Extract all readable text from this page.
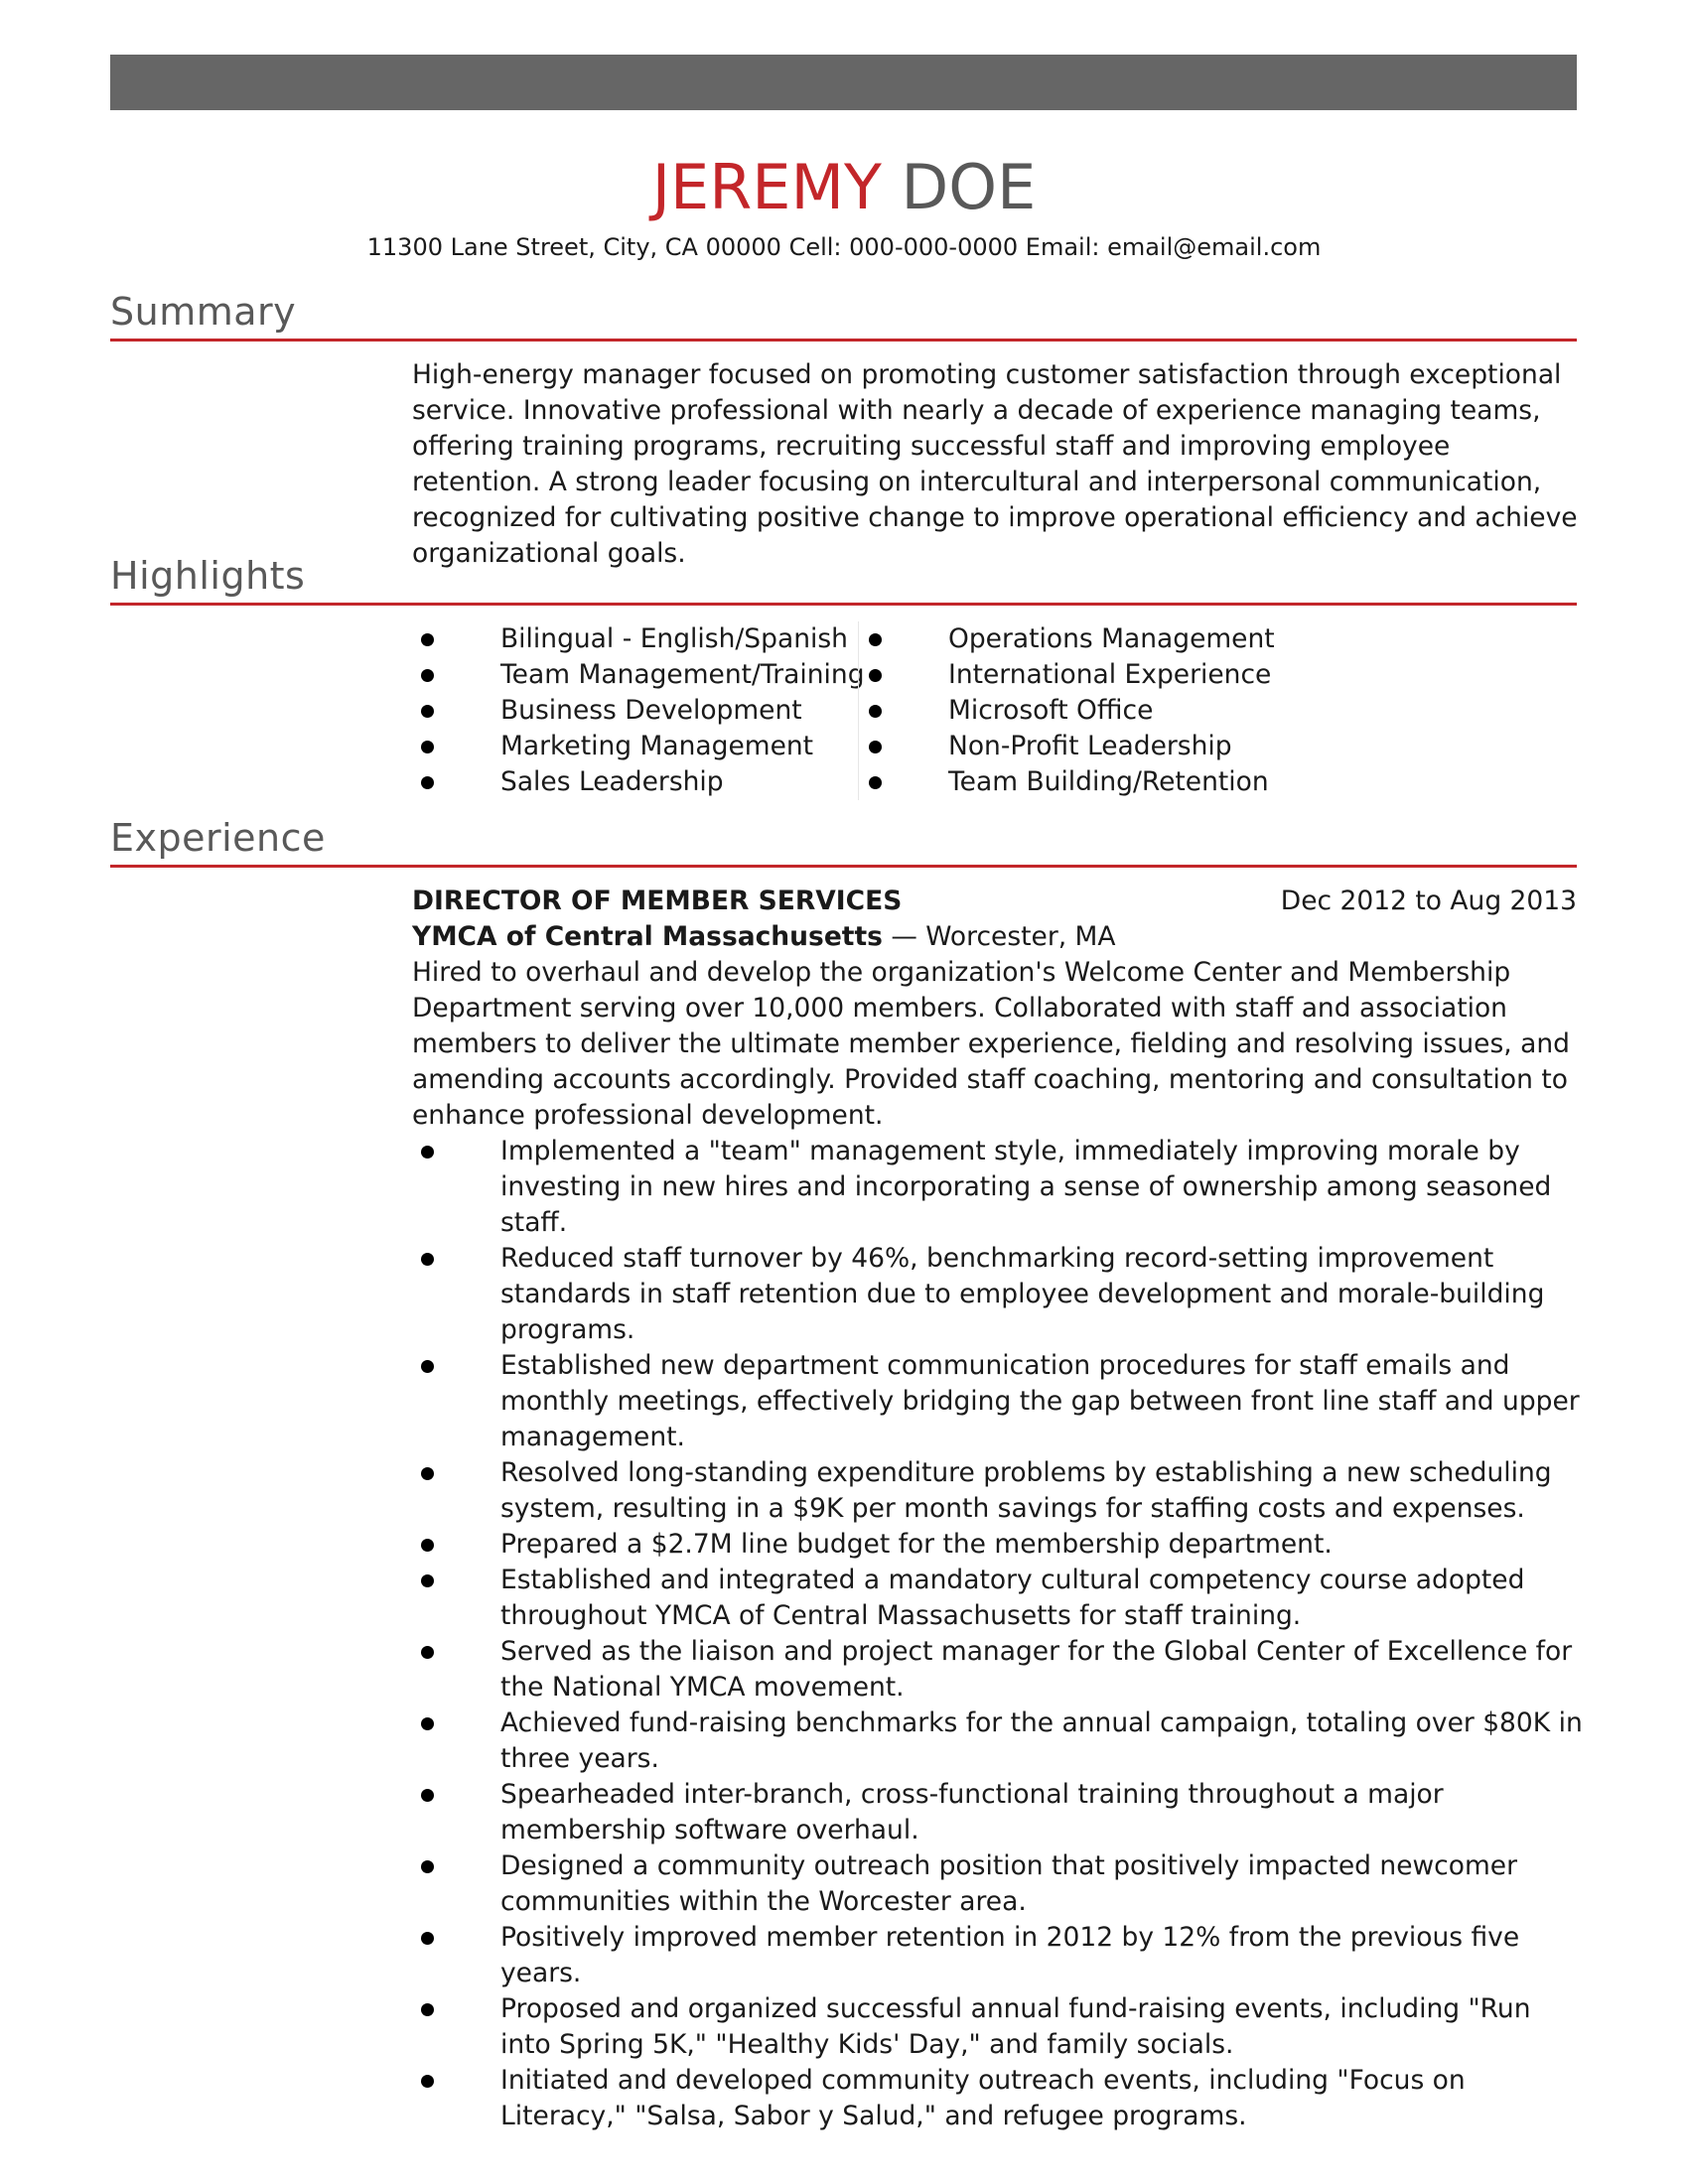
JEREMY DOE
11300 Lane Street, City, CA 00000 Cell: 000-000-0000 Email: email@email.com
Summary
High-energy manager focused on promoting customer satisfaction through exceptional service. Innovative professional with nearly a decade of experience managing teams, offering training programs, recruiting successful staff and improving employee retention. A strong leader focusing on intercultural and interpersonal communication, recognized for cultivating positive change to improve operational efficiency and achieve organizational goals.
Highlights
Bilingual - English/Spanish
Team Management/Training
Business Development
Marketing Management
Sales Leadership
Operations Management
International Experience
Microsoft Office
Non-Profit Leadership
Team Building/Retention
Experience
DIRECTOR OF MEMBER SERVICES	Dec 2012 to Aug 2013
YMCA of Central Massachusetts — Worcester, MA
Hired to overhaul and develop the organization's Welcome Center and Membership Department serving over 10,000 members. Collaborated with staff and association members to deliver the ultimate member experience, fielding and resolving issues, and amending accounts accordingly. Provided staff coaching, mentoring and consultation to enhance professional development.
Implemented a "team" management style, immediately improving morale by investing in new hires and incorporating a sense of ownership among seasoned staff.
Reduced staff turnover by 46%, benchmarking record-setting improvement standards in staff retention due to employee development and morale-building programs.
Established new department communication procedures for staff emails and monthly meetings, effectively bridging the gap between front line staff and upper management.
Resolved long-standing expenditure problems by establishing a new scheduling system, resulting in a $9K per month savings for staffing costs and expenses.
Prepared a $2.7M line budget for the membership department.
Established and integrated a mandatory cultural competency course adopted throughout YMCA of Central Massachusetts for staff training.
Served as the liaison and project manager for the Global Center of Excellence for the National YMCA movement.
Achieved fund-raising benchmarks for the annual campaign, totaling over $80K in three years.
Spearheaded inter-branch, cross-functional training throughout a major membership software overhaul.
Designed a community outreach position that positively impacted newcomer communities within the Worcester area.
Positively improved member retention in 2012 by 12% from the previous five years.
Proposed and organized successful annual fund-raising events, including "Run into Spring 5K," "Healthy Kids' Day," and family socials.
Initiated and developed community outreach events, including "Focus on Literacy," "Salsa, Sabor y Salud," and refugee programs.
